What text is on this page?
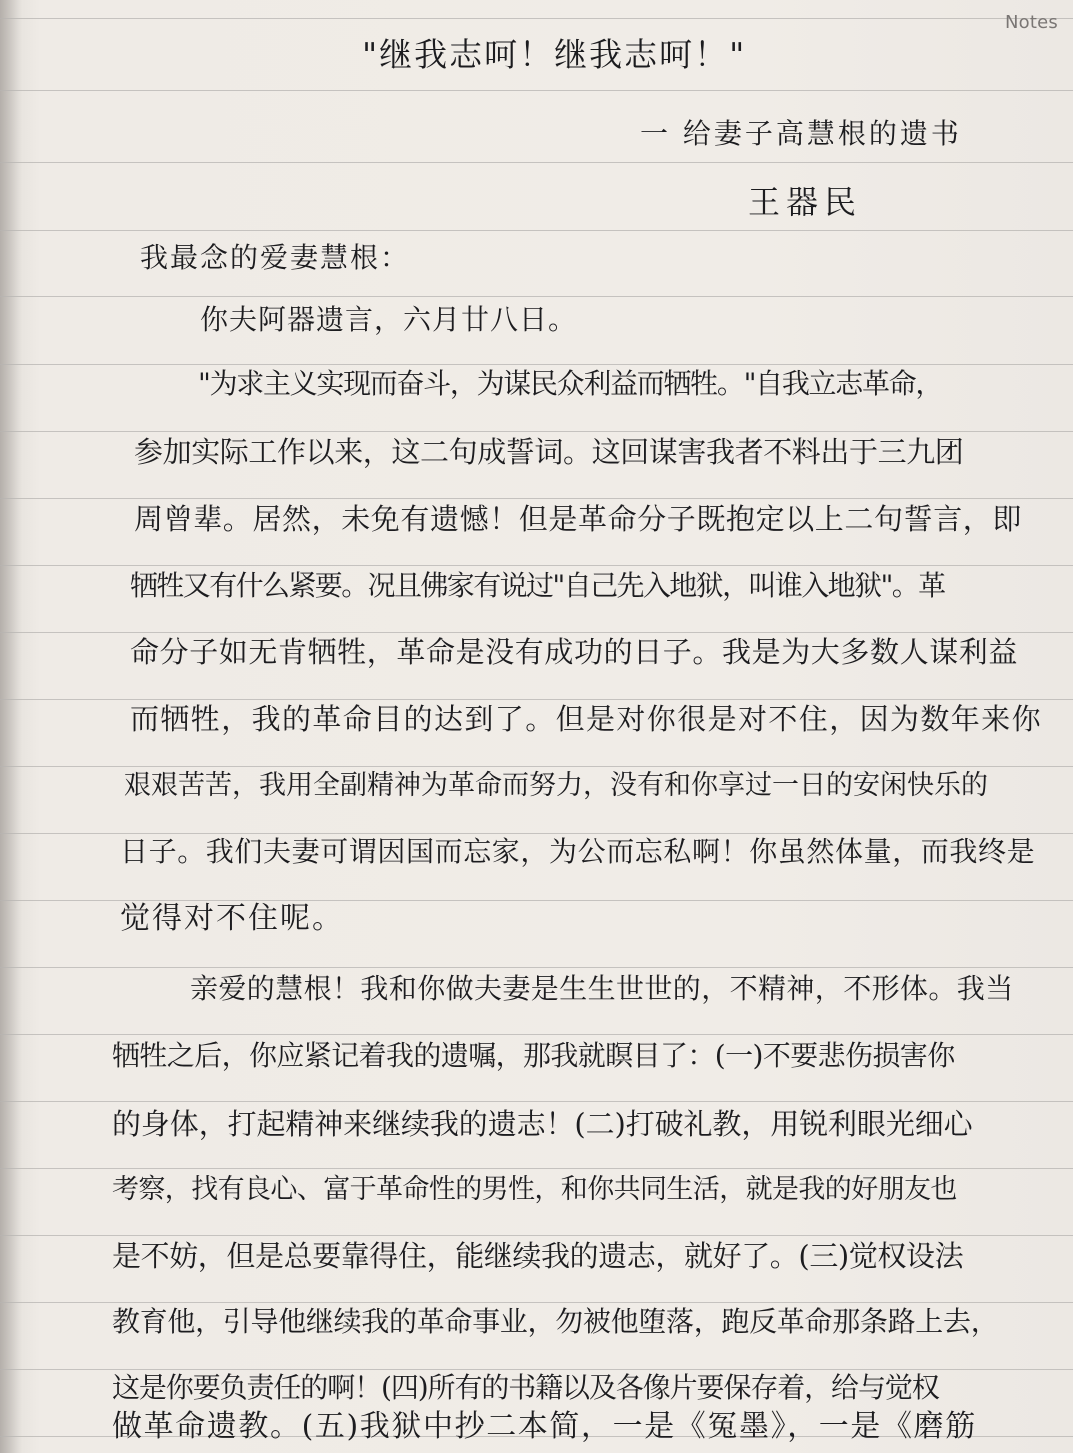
Notes
"继我志呵！继我志呵！"
一 给妻子高慧根的遗书
王器民
我最念的爱妻慧根：
你夫阿器遗言，六月廿八日。
"为求主义实现而奋斗，为谋民众利益而牺牲。"自我立志革命，
参加实际工作以来，这二句成誓词。这回谋害我者不料出于三九团
周曾辈。居然，未免有遗憾！但是革命分子既抱定以上二句誓言，即
牺牲又有什么紧要。况且佛家有说过"自己先入地狱，叫谁入地狱"。革
命分子如无肯牺牲，革命是没有成功的日子。我是为大多数人谋利益
而牺牲，我的革命目的达到了。但是对你很是对不住，因为数年来你
艰艰苦苦，我用全副精神为革命而努力，没有和你享过一日的安闲快乐的
日子。我们夫妻可谓因国而忘家，为公而忘私啊！你虽然体量，而我终是
觉得对不住呢。
亲爱的慧根！我和你做夫妻是生生世世的，不精神，不形体。我当
牺牲之后，你应紧记着我的遗嘱，那我就瞑目了：(一)不要悲伤损害你
的身体，打起精神来继续我的遗志！(二)打破礼教，用锐利眼光细心
考察，找有良心、富于革命性的男性，和你共同生活，就是我的好朋友也
是不妨，但是总要靠得住，能继续我的遗志，就好了。(三)觉权设法
教育他，引导他继续我的革命事业，勿被他堕落，跑反革命那条路上去，
这是你要负责任的啊！(四)所有的书籍以及各像片要保存着，给与觉权
做革命遗教。(五)我狱中抄二本简，一是《冤墨》，一是《磨筋
